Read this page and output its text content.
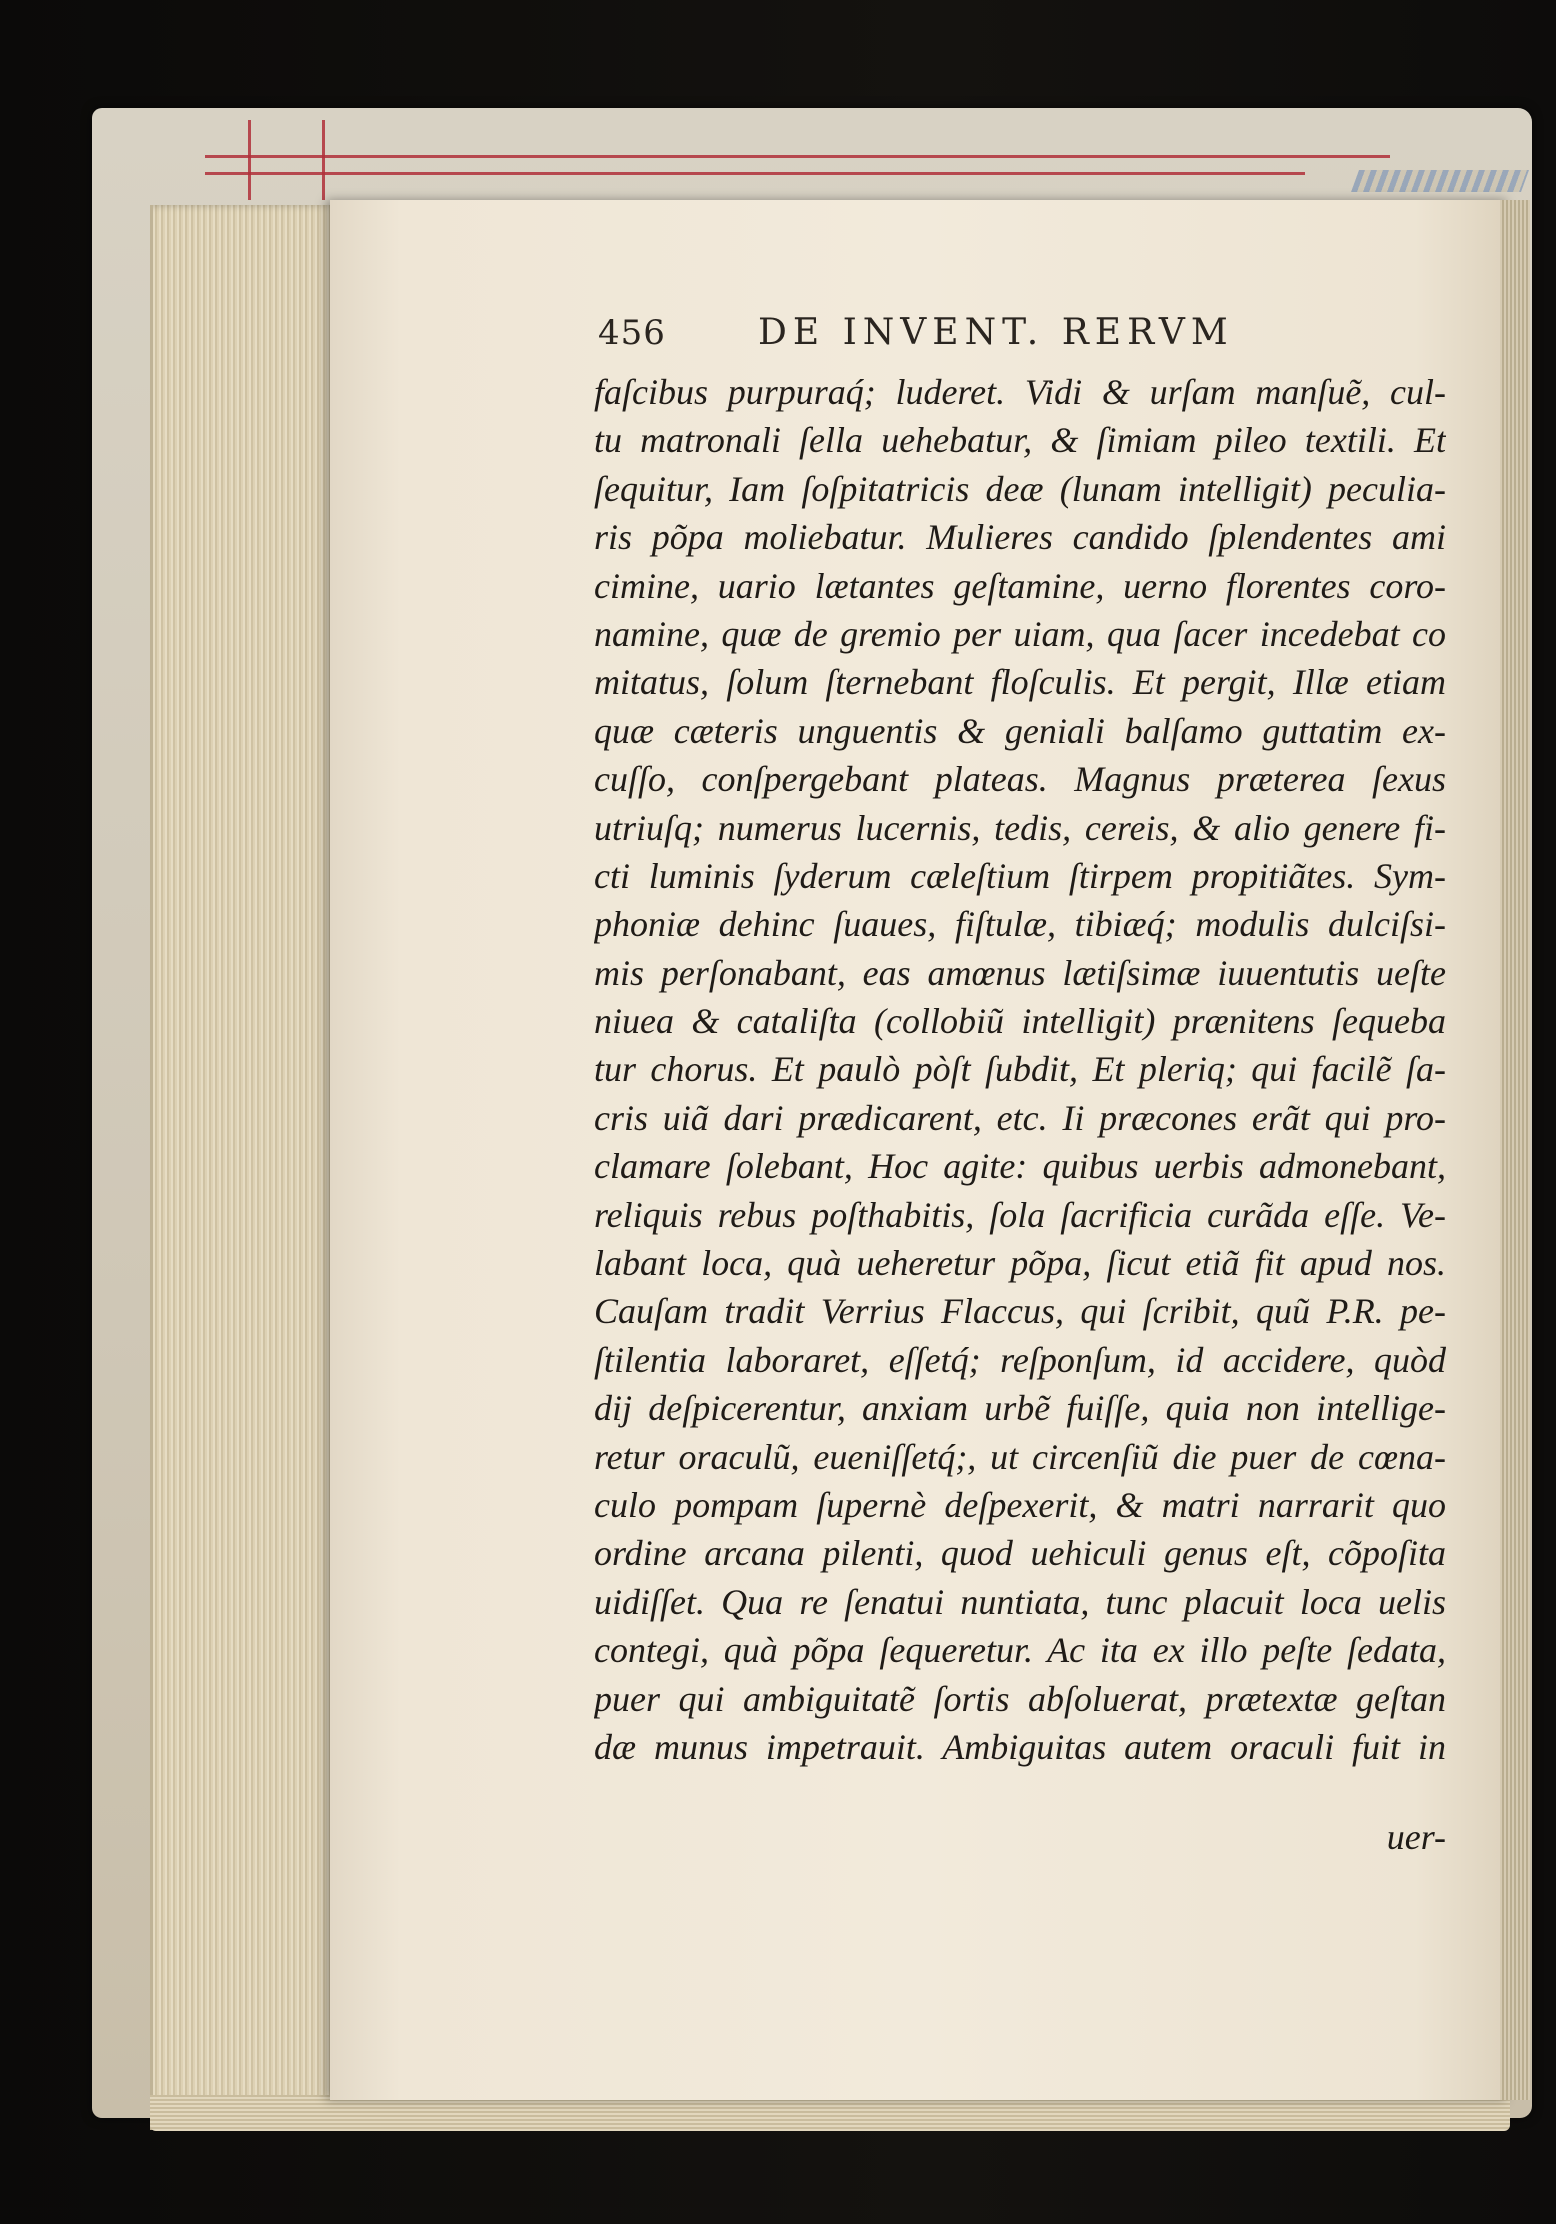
456	DE INVENT. RERVM
faſcibus purpuraq́; luderet. Vidi & urſam manſuẽ, cul-
tu matronali ſella uehebatur, & ſimiam pileo textili. Et
ſequitur, Iam ſoſpitatricis deæ (lunam intelligit) peculia-
ris põpa moliebatur. Mulieres candido ſplendentes ami
cimine, uario lætantes geſtamine, uerno florentes coro-
namine, quæ de gremio per uiam, qua ſacer incedebat co
mitatus, ſolum ſternebant floſculis. Et pergit, Illæ etiam
quæ cæteris unguentis & geniali balſamo guttatim ex-
cuſſo, conſpergebant plateas. Magnus præterea ſexus
utriuſq; numerus lucernis, tedis, cereis, & alio genere fi-
cti luminis ſyderum cæleſtium ſtirpem propitiãtes. Sym-
phoniæ dehinc ſuaues, fiſtulæ, tibiæq́; modulis dulciſsi-
mis perſonabant, eas amœnus lætiſsimæ iuuentutis ueſte
niuea & cataliſta (collobiũ intelligit) prænitens ſequeba
tur chorus. Et paulò pòſt ſubdit, Et pleriq; qui facilẽ ſa-
cris uiã dari prædicarent, etc. Ii præcones erãt qui pro-
clamare ſolebant, Hoc agite: quibus uerbis admonebant,
reliquis rebus poſthabitis, ſola ſacrificia curãda eſſe. Ve-
labant loca, quà ueheretur põpa, ſicut etiã fit apud nos.
Cauſam tradit Verrius Flaccus, qui ſcribit, quũ P.R. pe-
ſtilentia laboraret, eſſetq́; reſponſum, id accidere, quòd
dij deſpicerentur, anxiam urbẽ fuiſſe, quia non intellige-
retur oraculũ, eueniſſetq́;, ut circenſiũ die puer de cœna-
culo pompam ſupernè deſpexerit, & matri narrarit quo
ordine arcana pilenti, quod uehiculi genus eſt, cõpoſita
uidiſſet. Qua re ſenatui nuntiata, tunc placuit loca uelis
contegi, quà põpa ſequeretur. Ac ita ex illo peſte ſedata,
puer qui ambiguitatẽ ſortis abſoluerat, prætextæ geſtan
dæ munus impetrauit. Ambiguitas autem oraculi fuit in
uer-
